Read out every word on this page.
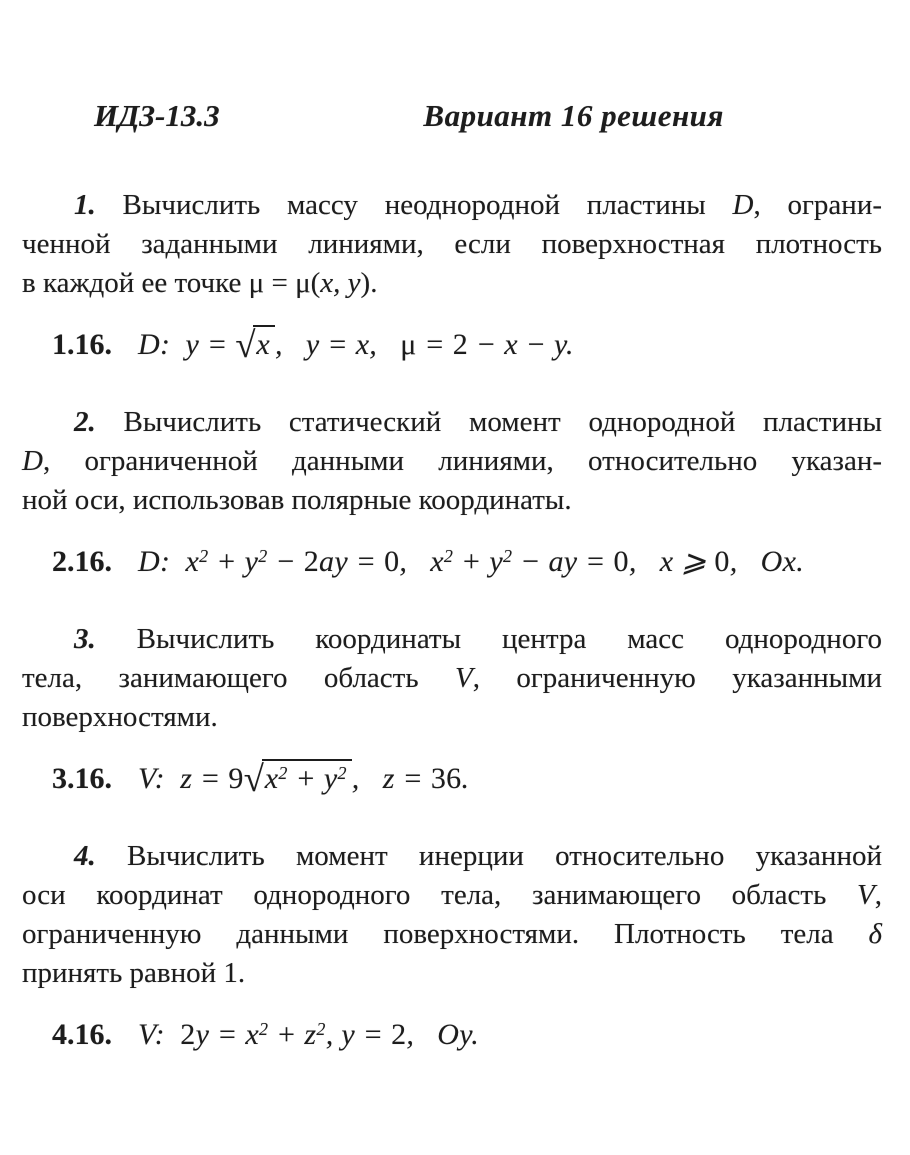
ИДЗ-13.3	Вариант 16 решения

1. Вычислить массу неоднородной пластины D, ограни-

ченной заданными линиями, если поверхностная плотность

в каждой ее точке μ = μ(x, y).

1.16. D: y = √ x ,  y = x,  μ = 2 − x − y.

2. Вычислить статический момент однородной пластины

D, ограниченной данными линиями, относительно указан-

ной оси, использовав полярные координаты.

2.16. D: $x^2 + y^2 - 2ay = 0$,  $x^2 + y^2$ − ay = 0,  x ⩾ 0,  Ox.

3. Вычислить координаты центра масс однородного

тела, занимающего область V, ограниченную указанными

поверхностями.

3.16. V: z = 9√ $x^2 + y^2$ ,  z = 36.

4. Вычислить момент инерции относительно указанной

оси координат однородного тела, занимающего область V,

ограниченную данными поверхностями. Плотность тела δ

принять равной 1.

4.16. V: $2y = x^2 + z^2$, y = 2,  Oy.
